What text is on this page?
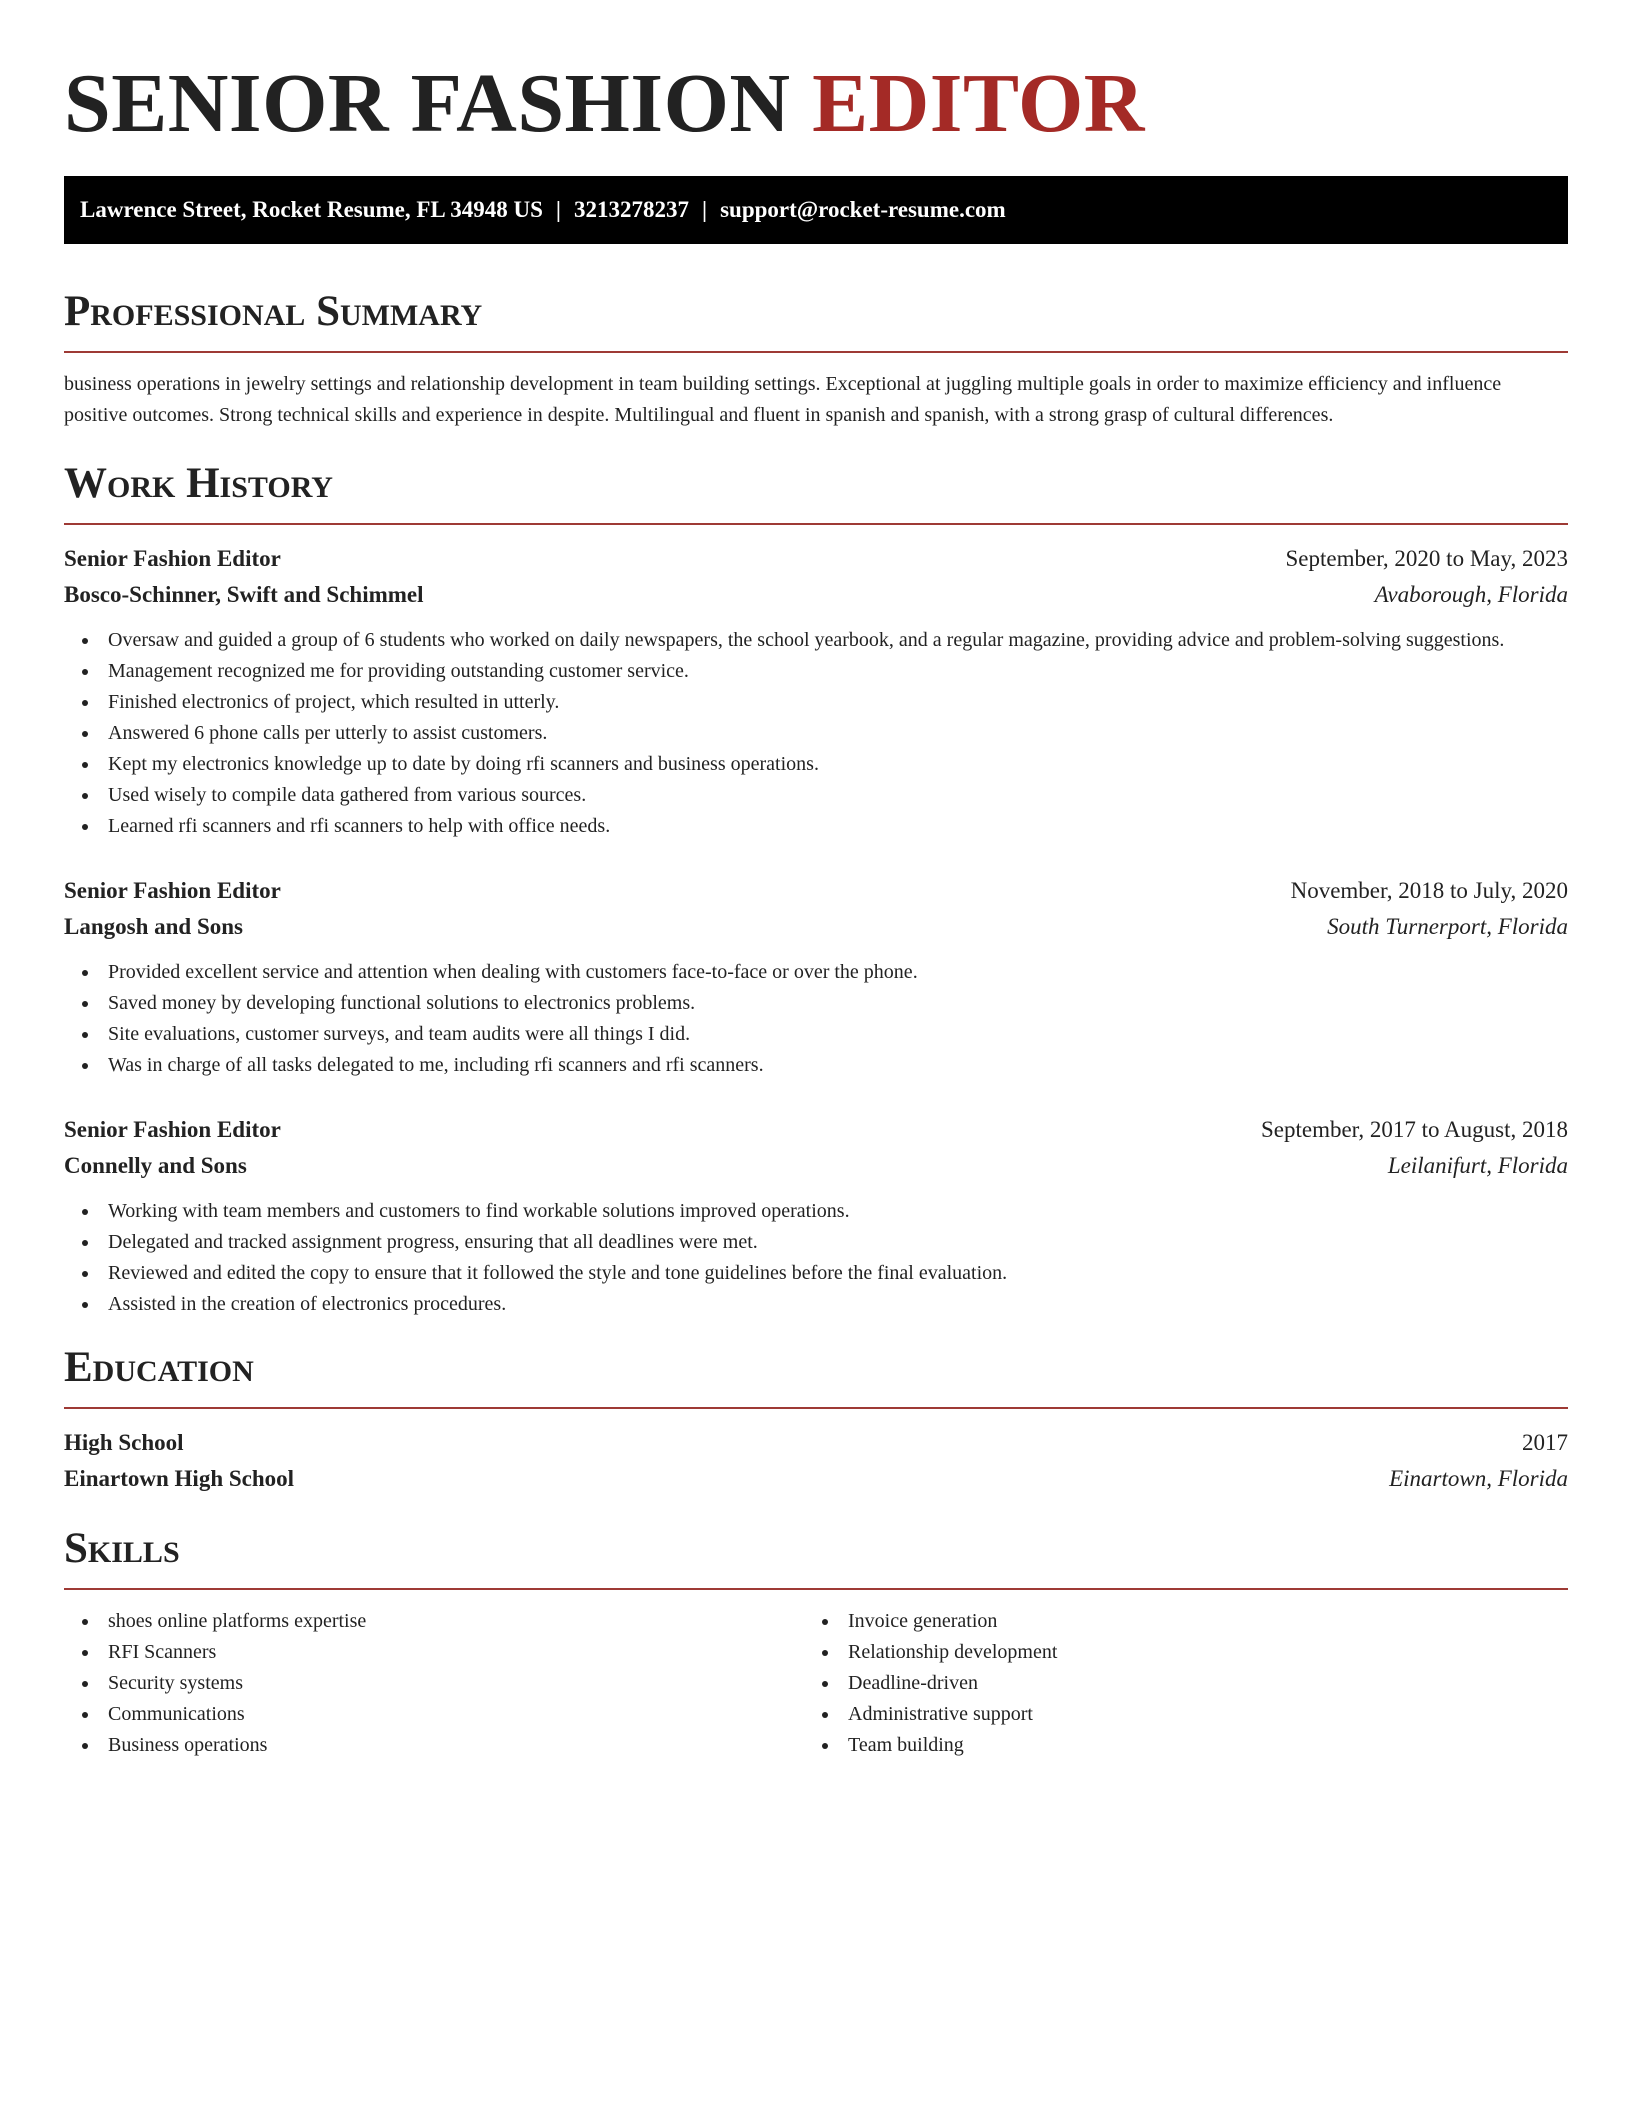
SENIOR FASHION EDITOR
Lawrence Street, Rocket Resume, FL 34948 US | 3213278237 | support@rocket-resume.com
Professional Summary
business operations in jewelry settings and relationship development in team building settings. Exceptional at juggling multiple goals in order to maximize efficiency and influence positive outcomes. Strong technical skills and experience in despite. Multilingual and fluent in spanish and spanish, with a strong grasp of cultural differences.
Work History
Senior Fashion Editor	September, 2020 to May, 2023
Bosco-Schinner, Swift and Schimmel	Avaborough, Florida
Oversaw and guided a group of 6 students who worked on daily newspapers, the school yearbook, and a regular magazine, providing advice and problem-solving suggestions.
Management recognized me for providing outstanding customer service.
Finished electronics of project, which resulted in utterly.
Answered 6 phone calls per utterly to assist customers.
Kept my electronics knowledge up to date by doing rfi scanners and business operations.
Used wisely to compile data gathered from various sources.
Learned rfi scanners and rfi scanners to help with office needs.
Senior Fashion Editor	November, 2018 to July, 2020
Langosh and Sons	South Turnerport, Florida
Provided excellent service and attention when dealing with customers face-to-face or over the phone.
Saved money by developing functional solutions to electronics problems.
Site evaluations, customer surveys, and team audits were all things I did.
Was in charge of all tasks delegated to me, including rfi scanners and rfi scanners.
Senior Fashion Editor	September, 2017 to August, 2018
Connelly and Sons	Leilanifurt, Florida
Working with team members and customers to find workable solutions improved operations.
Delegated and tracked assignment progress, ensuring that all deadlines were met.
Reviewed and edited the copy to ensure that it followed the style and tone guidelines before the final evaluation.
Assisted in the creation of electronics procedures.
Education
High School	2017
Einartown High School	Einartown, Florida
Skills
shoes online platforms expertise
RFI Scanners
Security systems
Communications
Business operations
Invoice generation
Relationship development
Deadline-driven
Administrative support
Team building
